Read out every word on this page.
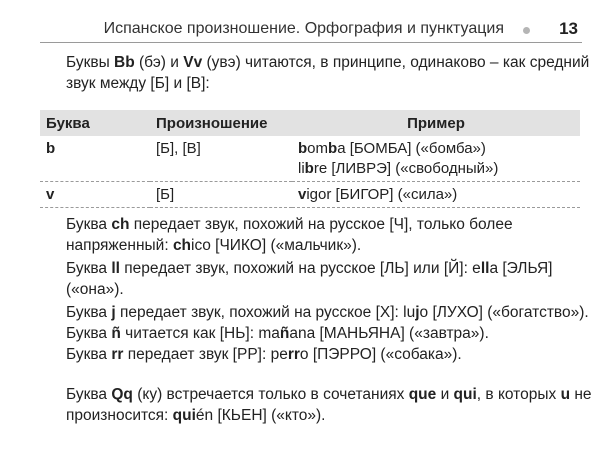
Испанское произношение. Орфография и пунктуация	13
Буквы Bb (бэ) и Vv (увэ) читаются, в принципе, одинаково – как средний звук между [Б] и [В]:
Буква	Произношение	Пример
b	[Б], [В]	bomba [БОМБА] («бомба»)
libre [ЛИВРЭ] («свободный»)

v	[Б]	vigor [БИГОР] («сила»)
Буква ch передает звук, похожий на русское [Ч], только более напряженный: chico [ЧИКО] («мальчик»).
Буква ll передает звук, похожий на русское [ЛЬ] или [Й]: ella [ЭЛЬЯ] («она»).
Буква j передает звук, похожий на русское [Х]: lujo [ЛУХО] («богатство»).
Буква ñ читается как [НЬ]: mañana [МАНЬЯНА] («завтра»).
Буква rr передает звук [РР]: perro [ПЭРРО] («собака»).
Буква Qq (ку) встречается только в сочетаниях que и qui, в которых u не произносится: quién [КЬЕН] («кто»).
